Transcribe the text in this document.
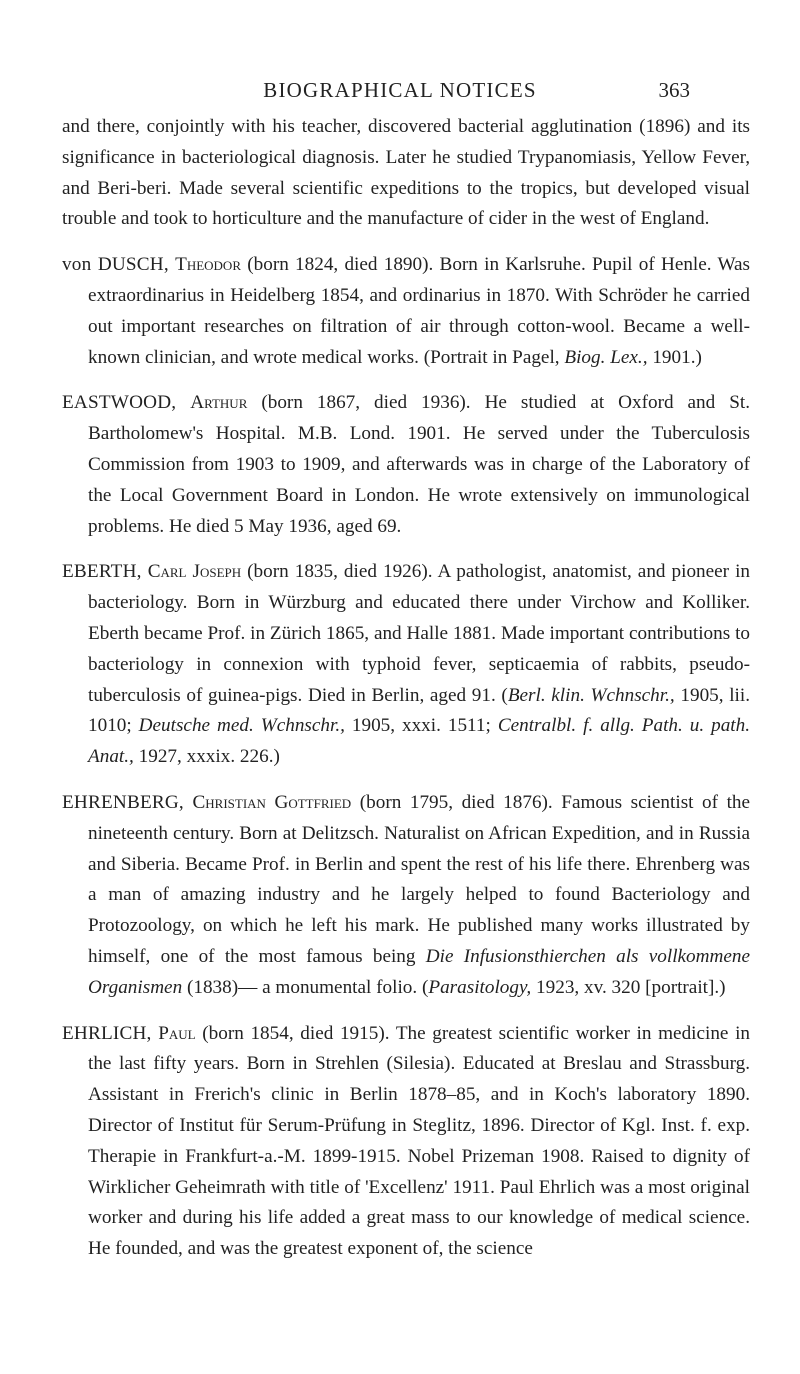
BIOGRAPHICAL NOTICES	363

and there, conjointly with his teacher, discovered bacterial agglutination (1896) and its significance in bacteriological diagnosis. Later he studied Trypanomiasis, Yellow Fever, and Beri-beri. Made several scientific expeditions to the tropics, but developed visual trouble and took to horticulture and the manufacture of cider in the west of England.

von DUSCH, Theodor (born 1824, died 1890). Born in Karlsruhe. Pupil of Henle. Was extraordinarius in Heidelberg 1854, and ordinarius in 1870. With Schröder he carried out important researches on filtration of air through cotton-wool. Became a well-known clinician, and wrote medical works. (Portrait in Pagel, Biog. Lex., 1901.)

EASTWOOD, Arthur (born 1867, died 1936). He studied at Oxford and St. Bartholomew's Hospital. M.B. Lond. 1901. He served under the Tuberculosis Commission from 1903 to 1909, and afterwards was in charge of the Laboratory of the Local Government Board in London. He wrote extensively on immunological problems. He died 5 May 1936, aged 69.

EBERTH, Carl Joseph (born 1835, died 1926). A pathologist, anatomist, and pioneer in bacteriology. Born in Würzburg and educated there under Virchow and Kolliker. Eberth became Prof. in Zürich 1865, and Halle 1881. Made important contributions to bacteriology in connexion with typhoid fever, septicaemia of rabbits, pseudo-tuberculosis of guinea-pigs. Died in Berlin, aged 91. (Berl. klin. Wchnschr., 1905, lii. 1010; Deutsche med. Wchnschr., 1905, xxxi. 1511; Centralbl. f. allg. Path. u. path. Anat., 1927, xxxix. 226.)

EHRENBERG, Christian Gottfried (born 1795, died 1876). Famous scientist of the nineteenth century. Born at Delitzsch. Naturalist on African Expedition, and in Russia and Siberia. Became Prof. in Berlin and spent the rest of his life there. Ehrenberg was a man of amazing industry and he largely helped to found Bacteriology and Protozoology, on which he left his mark. He published many works illustrated by himself, one of the most famous being Die Infusionsthierchen als vollkommene Organismen (1838)— a monumental folio. (Parasitology, 1923, xv. 320 [portrait].)

EHRLICH, Paul (born 1854, died 1915). The greatest scientific worker in medicine in the last fifty years. Born in Strehlen (Silesia). Educated at Breslau and Strassburg. Assistant in Frerich's clinic in Berlin 1878–85, and in Koch's laboratory 1890. Director of Institut für Serum-Prüfung in Steglitz, 1896. Director of Kgl. Inst. f. exp. Therapie in Frankfurt-a.-M. 1899-1915. Nobel Prizeman 1908. Raised to dignity of Wirklicher Geheimrath with title of 'Excellenz' 1911. Paul Ehrlich was a most original worker and during his life added a great mass to our knowledge of medical science. He founded, and was the greatest exponent of, the science
